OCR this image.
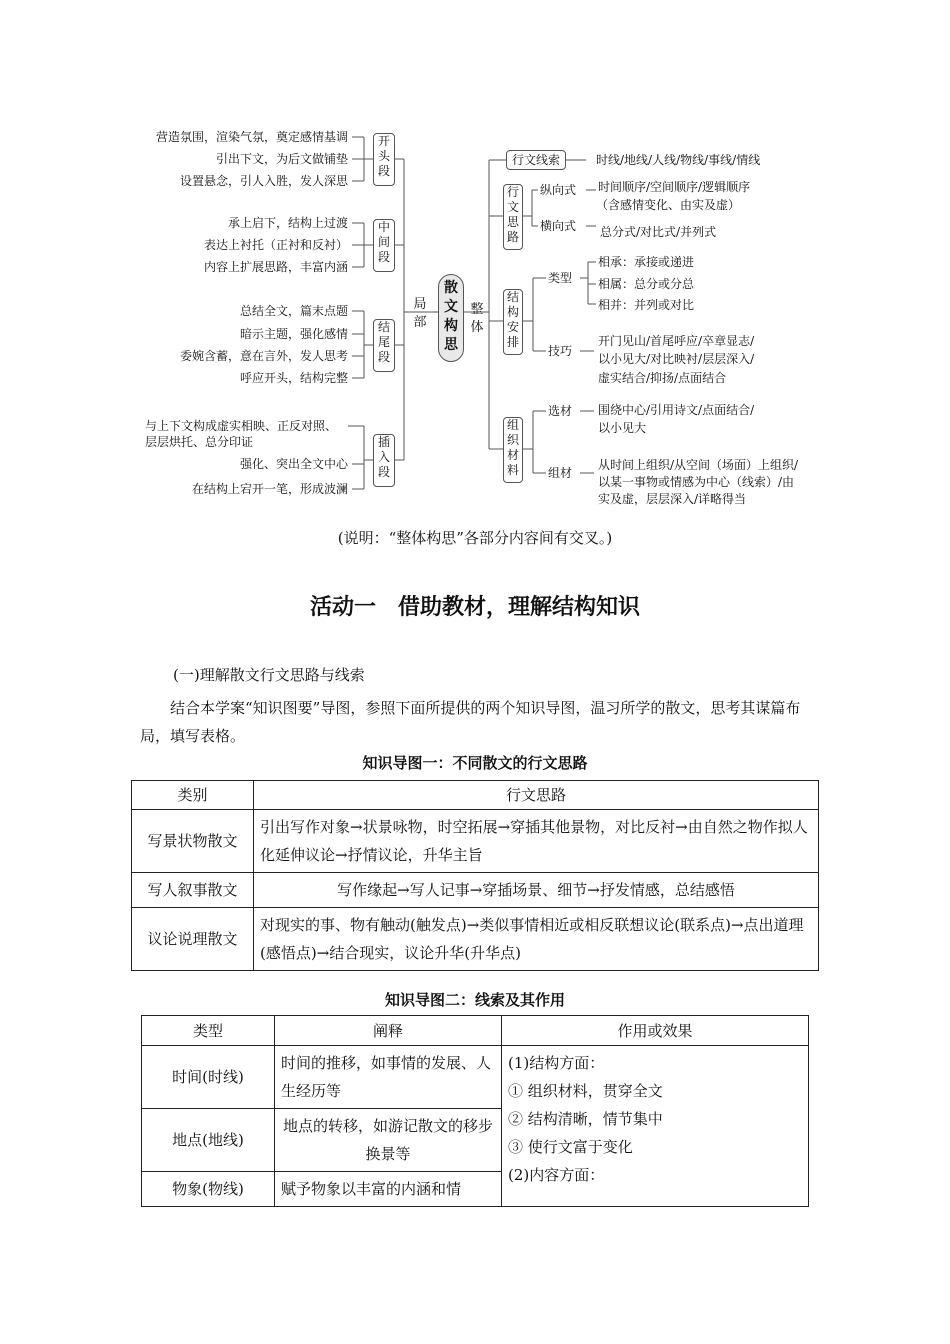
营造氛围，渲染气氛，奠定感情基调
引出下文，为后文做铺垫
设置悬念，引人入胜，发人深思
承上启下，结构上过渡
表达上衬托（正衬和反衬）
内容上扩展思路，丰富内涵
总结全文，篇末点题
暗示主题，强化感情
委婉含蓄，意在言外，发人思考
呼应开头，结构完整
与上下文构成虚实相映、正反对照、
层层烘托、总分印证
强化、突出全文中心
在结构上宕开一笔，形成波澜
开
头
段
中
间
段
结
尾
段
插
入
段
局
部
散
文
构
思
整
体
行文线索	时线/地线/人线/物线/事线/情线
行
文
思
路
纵向式 时间顺序/空间顺序/逻辑顺序
（含感情变化、由实及虚）
横向式 总分式/对比式/并列式
结
构
安
排
类型
相承：承接或递进
相属：总分或分总
相并：并列或对比
技巧
开门见山/首尾呼应/卒章显志/
以小见大/对比映衬/层层深入/
虚实结合/抑扬/点面结合
组
织
材
料
选材 围绕中心/引用诗文/点面结合/
以小见大
组材
从时间上组织/从空间（场面）上组织/
以某一事物或情感为中心（线索）/由
实及虚，层层深入/详略得当
(说明：“整体构思”各部分内容间有交叉。)
活动一　借助教材，理解结构知识
(一)理解散文行文思路与线索
结合本学案“知识图要”导图，参照下面所提供的两个知识导图，温习所学的散文，思考其谋篇布局，填写表格。
知识导图一：不同散文的行文思路
类别	行文思路
写景状物散文	引出写作对象→状景咏物，时空拓展→穿插其他景物，对比反衬→由自然之物作拟人化延伸议论→抒情议论，升华主旨
写人叙事散文	写作缘起→写人记事→穿插场景、细节→抒发情感，总结感悟
议论说理散文	对现实的事、物有触动(触发点)→类似事情相近或相反联想议论(联系点)→点出道理(感悟点)→结合现实，议论升华(升华点)
知识导图二：线索及其作用
类型	阐释	作用或效果
时间(时线)	时间的推移，如事情的发展、人生经历等	(1)结构方面：
① 组织材料，贯穿全文
② 结构清晰，情节集中
③ 使行文富于变化
(2)内容方面：

地点(地线)	地点的转移，如游记散文的移步换景等	
物象(物线)	赋予物象以丰富的内涵和情	
